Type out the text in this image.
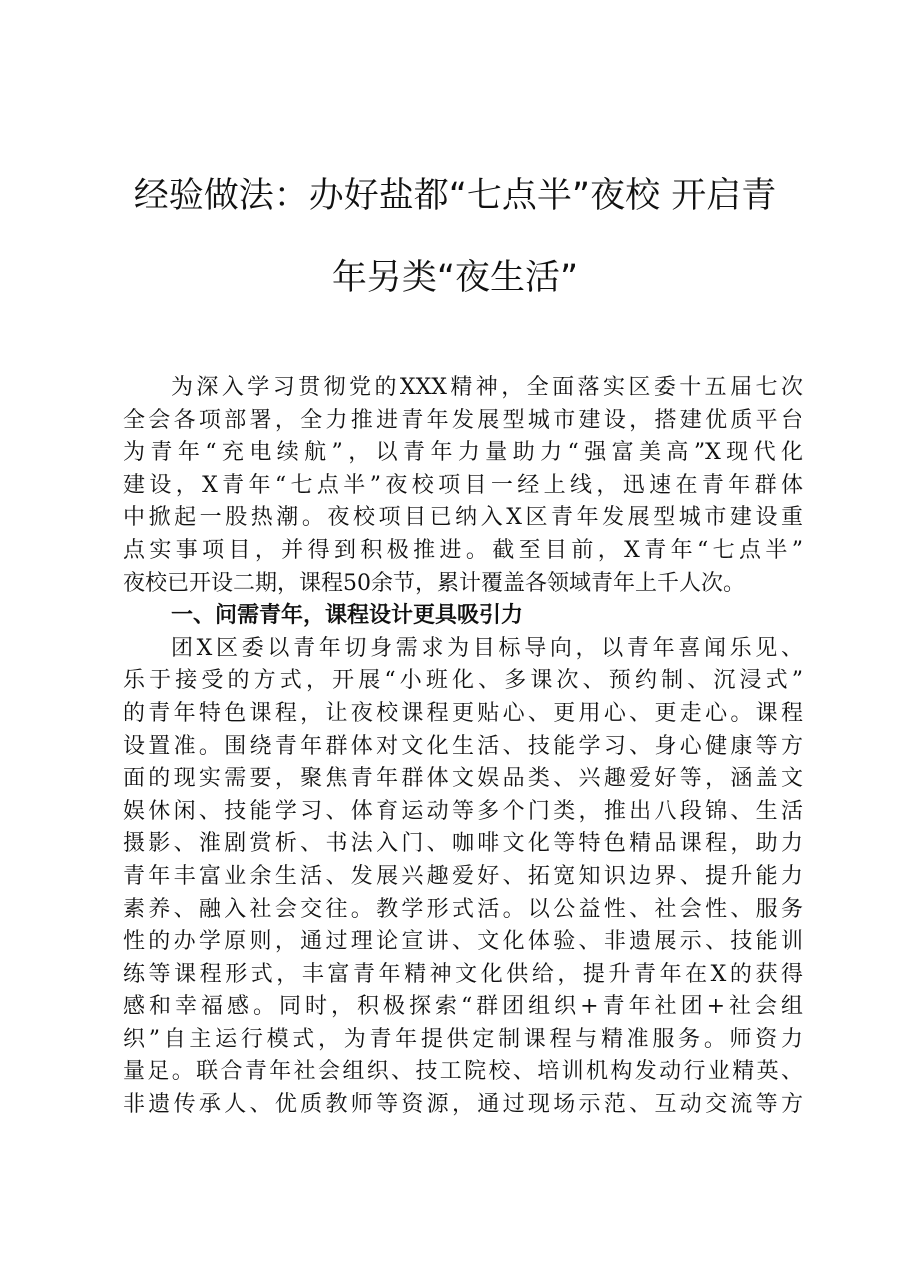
经验做法：办好盐都“七点半”夜校 开启青
年另类“夜生活”
为深入学习贯彻党的XXX精神，全面落实区委十五届七次
全会各项部署，全力推进青年发展型城市建设，搭建优质平台
为青年“充电续航”，以青年力量助力“强富美高”X现代化
建设，X青年“七点半”夜校项目一经上线，迅速在青年群体
中掀起一股热潮。夜校项目已纳入X区青年发展型城市建设重
点实事项目，并得到积极推进。截至目前，X青年“七点半”
夜校已开设二期，课程50余节，累计覆盖各领域青年上千人次。
一、问需青年，课程设计更具吸引力
团X区委以青年切身需求为目标导向，以青年喜闻乐见、
乐于接受的方式，开展“小班化、多课次、预约制、沉浸式”
的青年特色课程，让夜校课程更贴心、更用心、更走心。课程
设置准。围绕青年群体对文化生活、技能学习、身心健康等方
面的现实需要，聚焦青年群体文娱品类、兴趣爱好等，涵盖文
娱休闲、技能学习、体育运动等多个门类，推出八段锦、生活
摄影、淮剧赏析、书法入门、咖啡文化等特色精品课程，助力
青年丰富业余生活、发展兴趣爱好、拓宽知识边界、提升能力
素养、融入社会交往。教学形式活。以公益性、社会性、服务
性的办学原则，通过理论宣讲、文化体验、非遗展示、技能训
练等课程形式，丰富青年精神文化供给，提升青年在X的获得
感和幸福感。同时，积极探索“群团组织+青年社团+社会组
织”自主运行模式，为青年提供定制课程与精准服务。师资力
量足。联合青年社会组织、技工院校、培训机构发动行业精英、
非遗传承人、优质教师等资源，通过现场示范、互动交流等方
